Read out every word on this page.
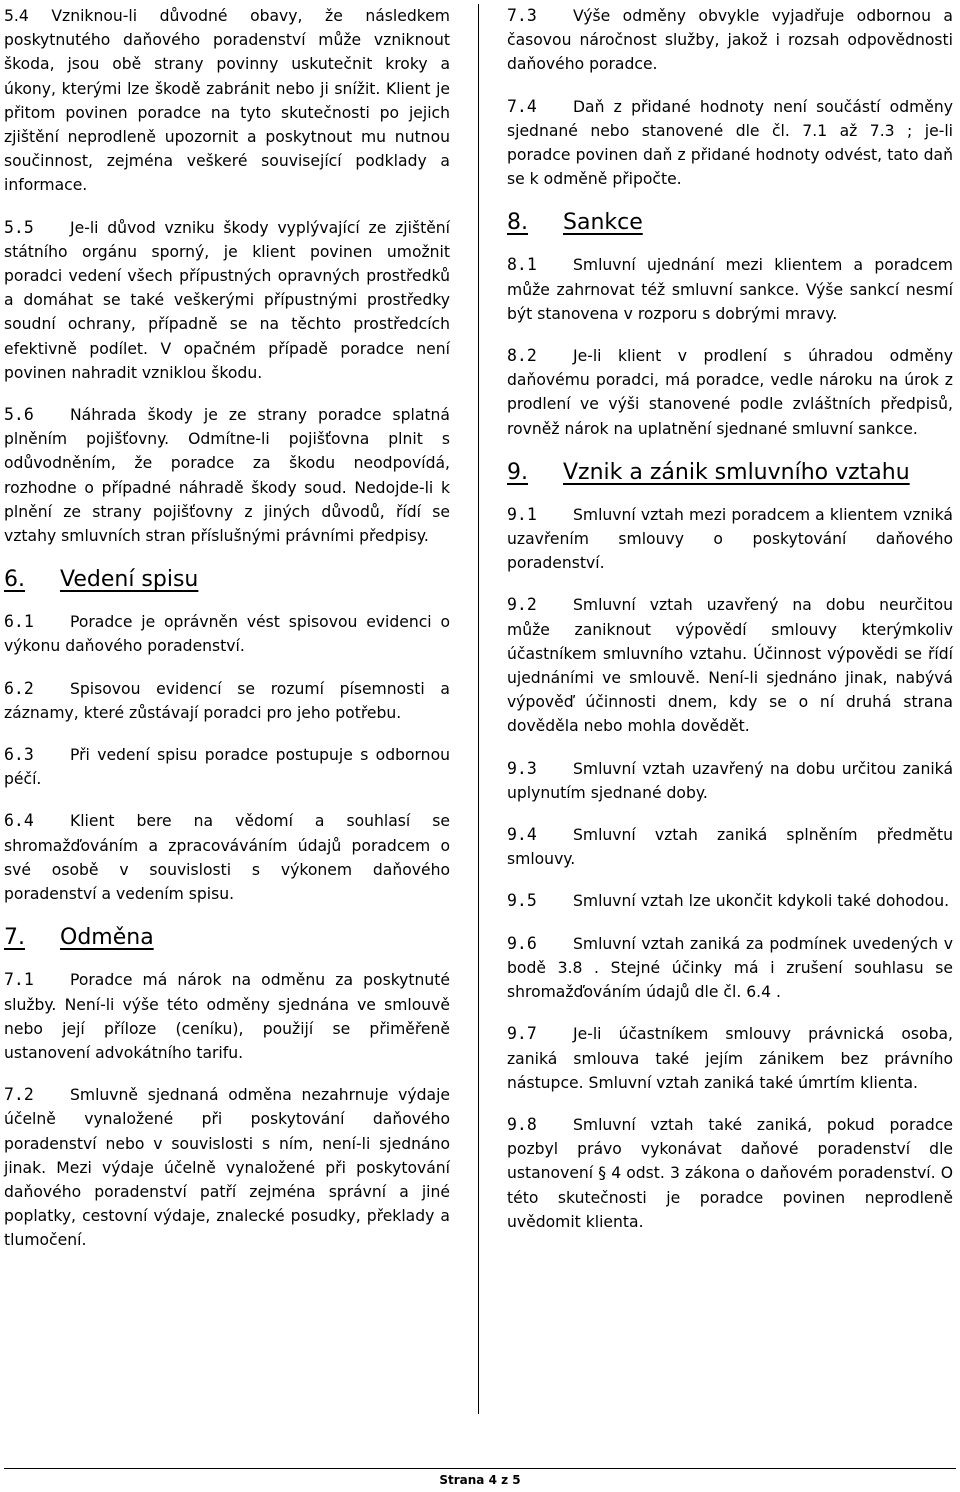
5.4 Vzniknou-li důvodné obavy, že následkem poskytnutého daňového poradenství může vzniknout škoda, jsou obě strany povinny uskutečnit kroky a úkony, kterými lze škodě zabránit nebo ji snížit. Klient je přitom povinen poradce na tyto skutečnosti po jejich zjištění neprodleně upozornit a poskytnout mu nutnou součinnost, zejména veškeré související podklady a informace.

5.5 Je-li důvod vzniku škody vyplývající ze zjištění státního orgánu sporný, je klient povinen umožnit poradci vedení všech přípustných opravných prostředků a domáhat se také veškerými přípustnými prostředky soudní ochrany, případně se na těchto prostředcích efektivně podílet. V opačném případě poradce není povinen nahradit vzniklou škodu.

5.6 Náhrada škody je ze strany poradce splatná plněním pojišťovny. Odmítne-li pojišťovna plnit s odůvodněním, že poradce za škodu neodpovídá, rozhodne o případné náhradě škody soud. Nedojde-li k plnění ze strany pojišťovny z jiných důvodů, řídí se vztahy smluvních stran příslušnými právními předpisy.

6.	Vedení spisu

6.1 Poradce je oprávněn vést spisovou evidenci o výkonu daňového poradenství.

6.2 Spisovou evidencí se rozumí písemnosti a záznamy, které zůstávají poradci pro jeho potřebu.

6.3 Při vedení spisu poradce postupuje s odbornou péčí.

6.4 Klient bere na vědomí a souhlasí se shromažďováním a zpracováváním údajů poradcem o své osobě v souvislosti s výkonem daňového poradenství a vedením spisu.

7.	Odměna

7.1 Poradce má nárok na odměnu za poskytnuté služby. Není-li výše této odměny sjednána ve smlouvě nebo její příloze (ceníku), použijí se přiměřeně ustanovení advokátního tarifu.

7.2 Smluvně sjednaná odměna nezahrnuje výdaje účelně vynaložené při poskytování daňového poradenství nebo v souvislosti s ním, není-li sjednáno jinak. Mezi výdaje účelně vynaložené při poskytování daňového poradenství patří zejména správní a jiné poplatky, cestovní výdaje, znalecké posudky, překlady a tlumočení.

7.3 Výše odměny obvykle vyjadřuje odbornou a časovou náročnost služby, jakož i rozsah odpovědnosti daňového poradce.

7.4 Daň z přidané hodnoty není součástí odměny sjednané nebo stanovené dle čl. 7.1 až 7.3 ; je-li poradce povinen daň z přidané hodnoty odvést, tato daň se k odměně připočte.

8.	Sankce

8.1 Smluvní ujednání mezi klientem a poradcem může zahrnovat též smluvní sankce. Výše sankcí nesmí být stanovena v rozporu s dobrými mravy.

8.2 Je-li klient v prodlení s úhradou odměny daňovému poradci, má poradce, vedle nároku na úrok z prodlení ve výši stanovené podle zvláštních předpisů, rovněž nárok na uplatnění sjednané smluvní sankce.

9.	Vznik a zánik smluvního vztahu

9.1 Smluvní vztah mezi poradcem a klientem vzniká uzavřením smlouvy o poskytování daňového poradenství.

9.2 Smluvní vztah uzavřený na dobu neurčitou může zaniknout výpovědí smlouvy kterýmkoliv účastníkem smluvního vztahu. Účinnost výpovědi se řídí ujednáními ve smlouvě. Není-li sjednáno jinak, nabývá výpověď účinnosti dnem, kdy se o ní druhá strana dověděla nebo mohla dovědět.

9.3 Smluvní vztah uzavřený na dobu určitou zaniká uplynutím sjednané doby.

9.4 Smluvní vztah zaniká splněním předmětu smlouvy.

9.5 Smluvní vztah lze ukončit kdykoli také dohodou.

9.6 Smluvní vztah zaniká za podmínek uvedených v bodě 3.8 . Stejné účinky má i zrušení souhlasu se shromažďováním údajů dle čl. 6.4 .

9.7 Je-li účastníkem smlouvy právnická osoba, zaniká smlouva také jejím zánikem bez právního nástupce. Smluvní vztah zaniká také úmrtím klienta.

9.8 Smluvní vztah také zaniká, pokud poradce pozbyl právo vykonávat daňové poradenství dle ustanovení § 4 odst. 3 zákona o daňovém poradenství. O této skutečnosti je poradce povinen neprodleně uvědomit klienta.

Strana 4 z 5
